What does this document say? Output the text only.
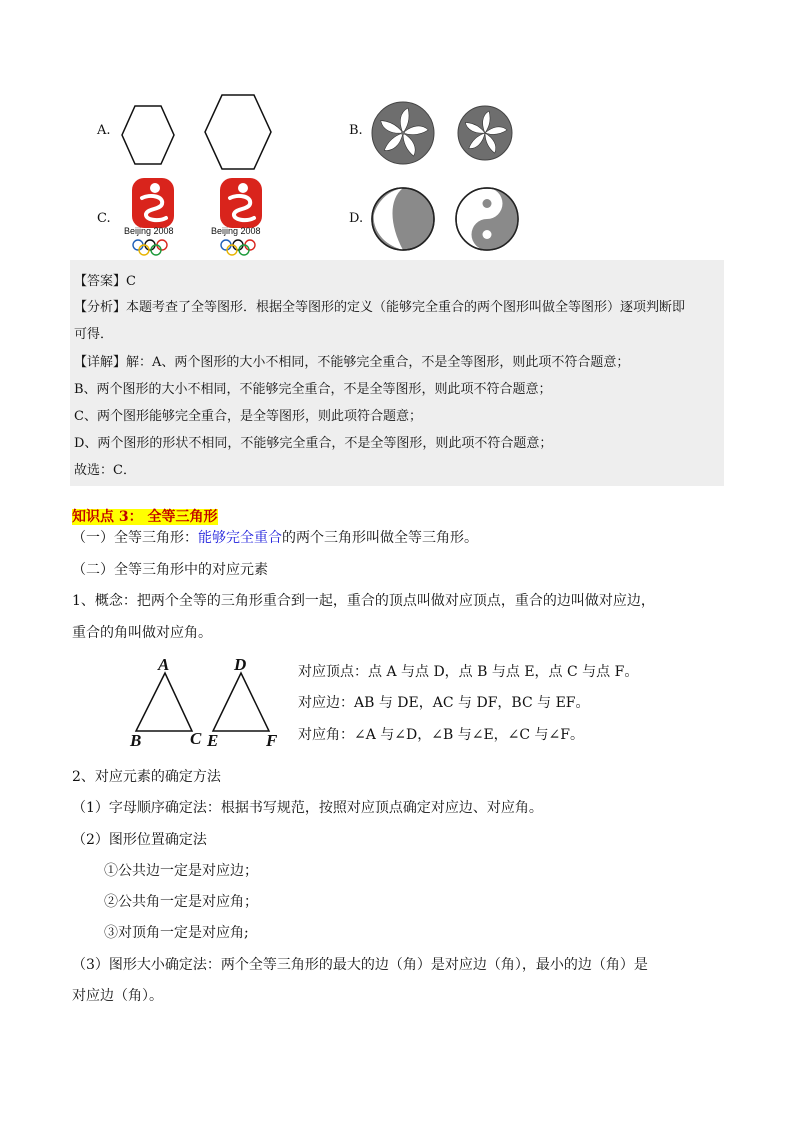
A.	B.
C.
Beijing 2008	Beijing 2008
D.
【答案】C
【分析】本题考查了全等图形．根据全等图形的定义（能够完全重合的两个图形叫做全等图形）逐项判断即
可得．
【详解】解：A、两个图形的大小不相同，不能够完全重合，不是全等图形，则此项不符合题意；
B、两个图形的大小不相同，不能够完全重合，不是全等图形，则此项不符合题意；
C、两个图形能够完全重合，是全等图形，则此项符合题意；
D、两个图形的形状不相同，不能够完全重合，不是全等图形，则此项不符合题意；
故选：C．
知识点 3： 全等三角形
（一）全等三角形：能够完全重合的两个三角形叫做全等三角形。
（二）全等三角形中的对应元素
1、概念：把两个全等的三角形重合到一起，重合的顶点叫做对应顶点，重合的边叫做对应边，
重合的角叫做对应角。
A
B	C
D
E	F
对应顶点：点 A 与点 D，点 B 与点 E，点 C 与点 F。
对应边：AB 与 DE，AC 与 DF，BC 与 EF。
对应角：∠A 与∠D，∠B 与∠E，∠C 与∠F。
2、对应元素的确定方法
（1）字母顺序确定法：根据书写规范，按照对应顶点确定对应边、对应角。
（2）图形位置确定法
①公共边一定是对应边；
②公共角一定是对应角；
③对顶角一定是对应角;
（3）图形大小确定法：两个全等三角形的最大的边（角）是对应边（角），最小的边（角）是
对应边（角）。
